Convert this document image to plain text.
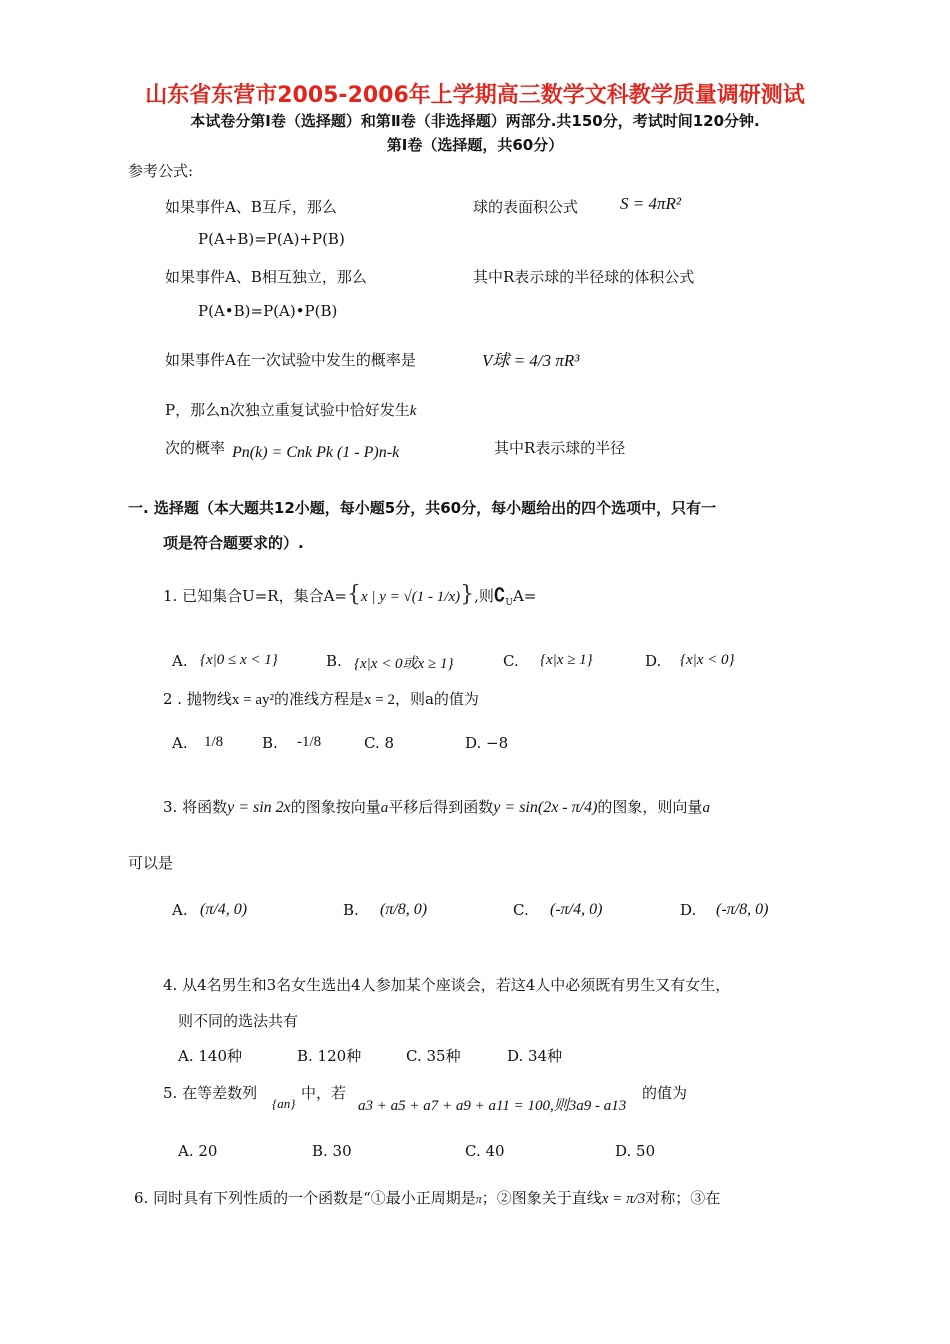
山东省东营市2005-2006年上学期高三数学文科教学质量调研测试
本试卷分第Ⅰ卷（选择题）和第Ⅱ卷（非选择题）两部分.共150分，考试时间120分钟.
第Ⅰ卷（选择题，共60分）
参考公式:
如果事件A、B互斥，那么
P(A+B)=P(A)+P(B)
如果事件A、B相互独立，那么
P(A•B)=P(A)•P(B)
如果事件A在一次试验中发生的概率是
P，那么n次独立重复试验中恰好发生k
次的概率 Pn(k) = Cnk Pk (1 - P)n-k
球的表面积公式 S = 4πR²
其中R表示球的半径球的体积公式
V球 = 4/3 πR³
其中R表示球的半径
一. 选择题（本大题共12小题，每小题5分，共60分，每小题给出的四个选项中，只有一
项是符合题要求的）.
1. 已知集合U=R，集合A={x | y = √(1 - 1/x)},则$∁_UA=$
A. {x|0 ≤ x < 1}	B. {x|x < 0或x ≥ 1}	C. {x|x ≥ 1}	D. {x|x < 0}
2 . 抛物线x = ay²的准线方程是x = 2，则a的值为
A. 1/8	B. -1/8	C. 8	D. −8
3. 将函数y = sin 2x的图象按向量a平移后得到函数y = sin(2x - π/4)的图象，则向量a
可以是
A. (π/4, 0)	B. (π/8, 0)	C. (-π/4, 0)	D. (-π/8, 0)
4. 从4名男生和3名女生选出4人参加某个座谈会，若这4人中必须既有男生又有女生，
则不同的选法共有
A. 140种	B. 120种	C. 35种	D. 34种
5. 在等差数列
{an}
中，若
a3 + a5 + a7 + a9 + a11 = 100,则3a9 - a13
的值为
A. 20	B. 30	C. 40	D. 50
6. 同时具有下列性质的一个函数是“①最小正周期是π；②图象关于直线x = π/3对称；③在
